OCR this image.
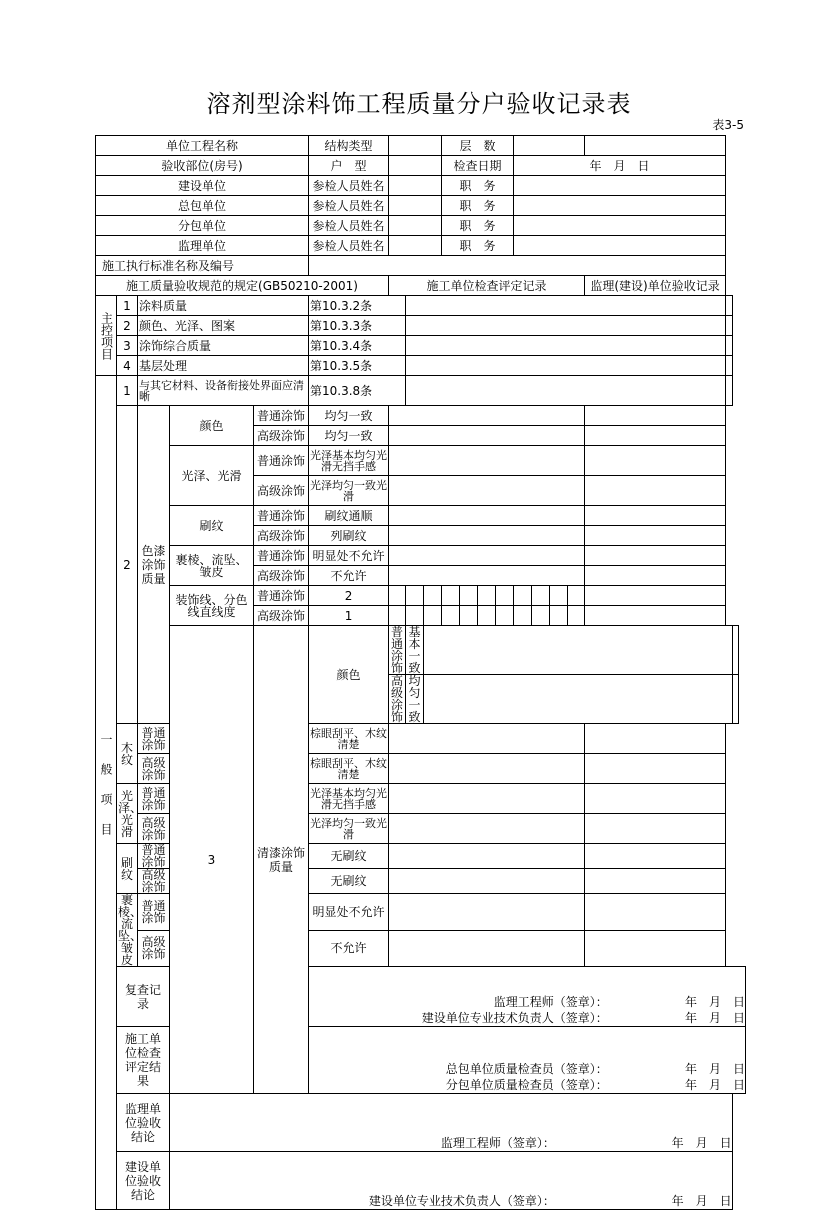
溶剂型涂料饰工程质量分户验收记录表
表3-5
单位工程名称					结构类型				层　数										
验收部位(房号)					户　型				检查日期				年　月　日						
建设单位					参检人员姓名				职　务										
总包单位					参检人员姓名				职　务										
分包单位					参检人员姓名				职　务										
监理单位					参检人员姓名				职　务										
施工执行标准名称及编号																			
施工质量验收规范的规定(GB50210-2001)						施工单位检查评定记录											监理(建设)单位验收记录		
主控项目	1	涂料质量			第10.3.2条														
	2	颜色、光泽、图案			第10.3.3条														
	3	涂饰综合质量			第10.3.4条														
	4	基层处理			第10.3.5条														
一般项目	1	与其它材料、设备衔接处界面应清晰			第10.3.8条														
	2	色漆涂饰质量	颜色	普通涂饰	均匀一致														
				高级涂饰	均匀一致														
			光泽、光滑	普通涂饰	光泽基本均匀光滑无挡手感														
				高级涂饰	光泽均匀一致光滑														
			刷纹	普通涂饰	刷纹通顺														
				高级涂饰	列刷纹														
			裹棱、流坠、皱皮	普通涂饰	明显处不允许														
				高级涂饰	不允许														
			装饰线、分色线直线度	普通涂饰	2														
				高级涂饰	1														
			3	清漆涂饰质量	颜色	普通涂饰	基本一致												
						高级涂饰	均匀一致												
	木纹	普通涂饰			棕眼刮平、木纹清楚														
		高级涂饰			棕眼刮平、木纹清楚														
	光泽、光滑	普通涂饰			光泽基本均匀光滑无挡手感														
		高级涂饰			光泽均匀一致光滑														
	刷纹	普通涂饰			无刷纹														
		高级涂饰			无刷纹														
	裹棱、流坠、皱皮	普通涂饰			明显处不允许														
		高级涂饰			不允许														
	复查记录				监理工程师（签章）： 年　月　日
建设单位专业技术负责人（签章）： 年　月　日														

	施工单位检查评定结果				总包单位质量检查员（签章）： 年　月　日
分包单位质量检查员（签章）： 年　月　日														

	监理单位验收结论		监理工程师（签章）： 年　月　日																

	建设单位验收结论		建设单位专业技术负责人（签章）： 年　月　日																
